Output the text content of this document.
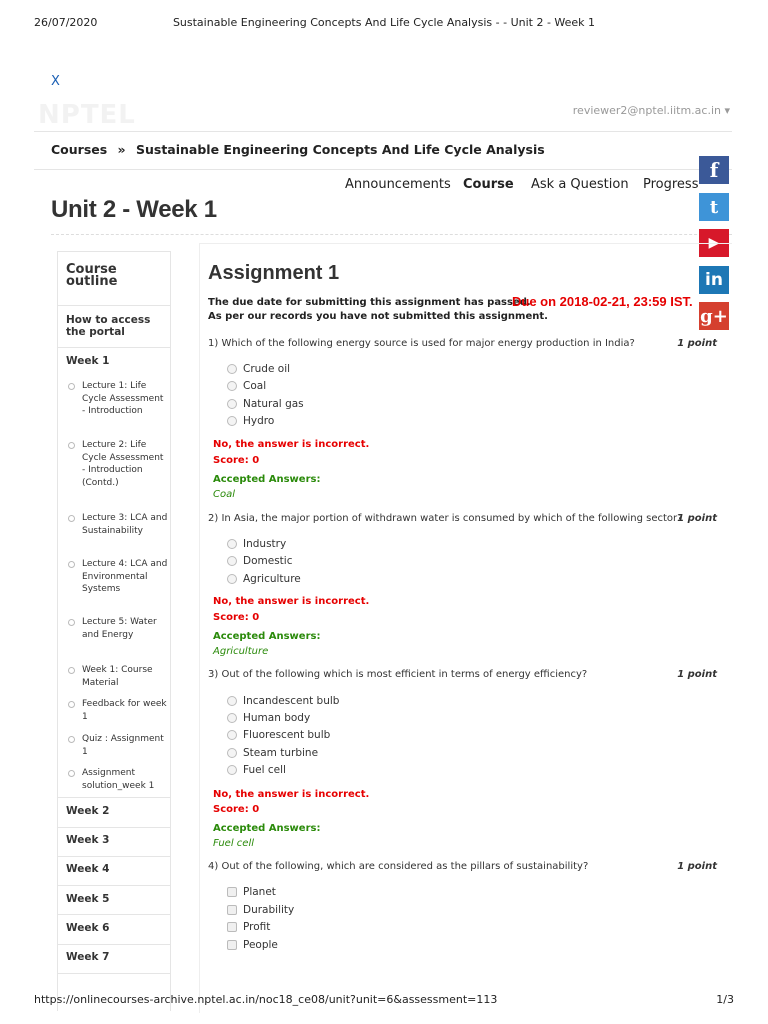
26/07/2020	Sustainable Engineering Concepts And Life Cycle Analysis - - Unit 2 - Week 1
X
NPTEL	reviewer2@nptel.iitm.ac.in ▾
Courses » Sustainable Engineering Concepts And Life Cycle Analysis
Announcements Course Ask a Question Progress
Unit 2 - Week 1
f
t
▶
in
g+
Course outline
How to access the portal
Week 1
Lecture 1: Life Cycle Assessment - Introduction
Lecture 2: Life Cycle Assessment - Introduction (Contd.)
Lecture 3: LCA and Sustainability
Lecture 4: LCA and Environmental Systems
Lecture 5: Water and Energy
Week 1: Course Material
Feedback for week 1
Quiz : Assignment 1
Assignment solution_week 1
Week 2
Week 3
Week 4
Week 5
Week 6
Week 7
Assignment 1
The due date for submitting this assignment has passed.
Due on 2018-02-21, 23:59 IST.
As per our records you have not submitted this assignment.
1) Which of the following energy source is used for major energy production in India?	1 point
Crude oil
Coal
Natural gas
Hydro
No, the answer is incorrect.
Score: 0
Accepted Answers:
Coal
2) In Asia, the major portion of withdrawn water is consumed by which of the following sector?
1 point
Industry
Domestic
Agriculture
No, the answer is incorrect.
Score: 0
Accepted Answers:
Agriculture
3) Out of the following which is most efficient in terms of energy efficiency?	1 point
Incandescent bulb
Human body
Fluorescent bulb
Steam turbine
Fuel cell
No, the answer is incorrect.
Score: 0
Accepted Answers:
Fuel cell
4) Out of the following, which are considered as the pillars of sustainability?	1 point
Planet
Durability
Profit
People
https://onlinecourses-archive.nptel.ac.in/noc18_ce08/unit?unit=6&assessment=113	1/3
